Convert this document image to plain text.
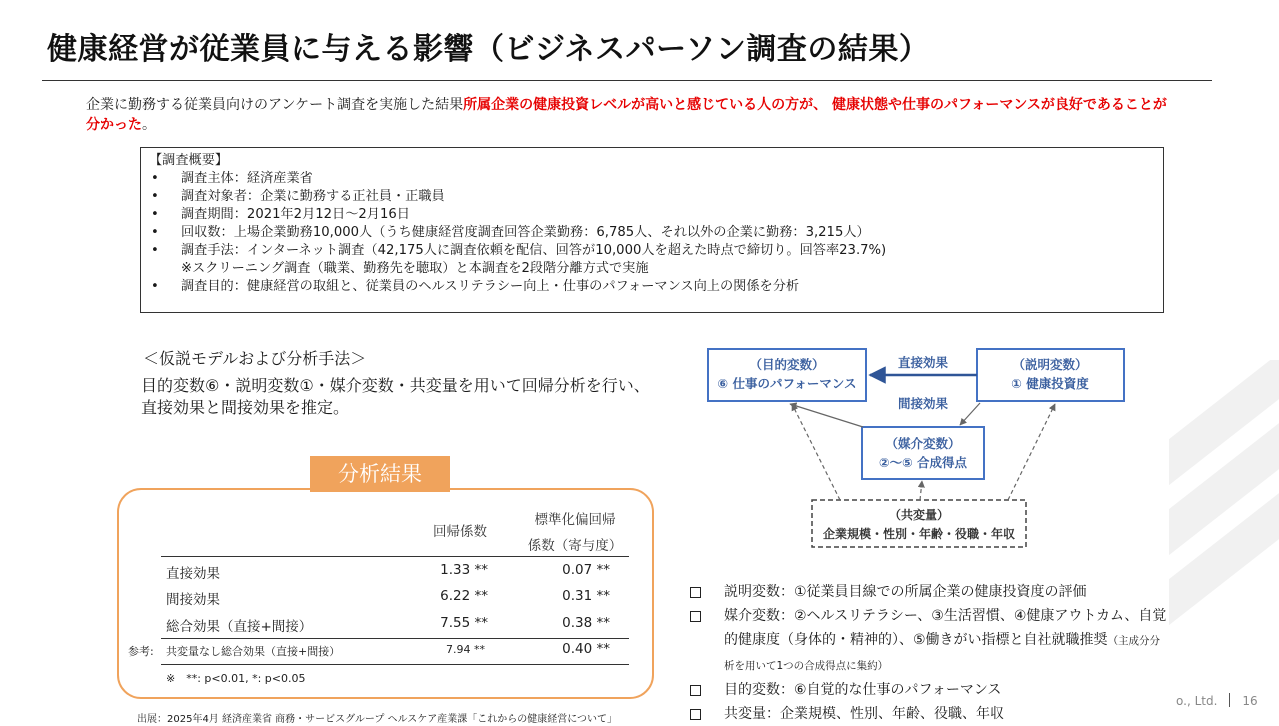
健康経営が従業員に与える影響（ビジネスパーソン調査の結果）
企業に勤務する従業員向けのアンケート調査を実施した結果所属企業の健康投資レベルが高いと感じている人の方が、 健康状態や仕事のパフォーマンスが良好であることが分かった。
【調査概要】
• 調査主体：経済産業省
• 調査対象者：企業に勤務する正社員・正職員
• 調査期間：2021年2月12日～2月16日
• 回収数：上場企業勤務10,000人（うち健康経営度調査回答企業勤務：6,785人、それ以外の企業に勤務：3,215人）
• 調査手法：インターネット調査（42,175人に調査依頼を配信、回答が10,000人を超えた時点で締切り。回答率23.7%)
※スクリーニング調査（職業、勤務先を聴取）と本調査を2段階分離方式で実施
• 調査目的：健康経営の取組と、従業員のヘルスリテラシー向上・仕事のパフォーマンス向上の関係を分析
＜仮説モデルおよび分析手法＞
目的変数⑥・説明変数①・媒介変数・共変量を用いて回帰分析を行い、直接効果と間接効果を推定。
分析結果
回帰係数
標準化偏回帰
係数（寄与度）
直接効果	1.33 **	0.07 **
間接効果	6.22 **	0.31 **
総合効果（直接+間接）	7.55 **	0.38 **
参考: 共変量なし総合効果（直接+間接）	7.94 **	0.40 **
※　**: p<0.01, *: p<0.05
（目的変数）
⑥ 仕事のパフォーマンス
（説明変数）
① 健康投資度
直接効果
間接効果
（媒介変数）
②～⑤ 合成得点
（共変量）
企業規模・性別・年齢・役職・年収
説明変数：①従業員目線での所属企業の健康投資度の評価
媒介変数：②ヘルスリテラシー、③生活習慣、④健康アウトカム、自覚的健康度（身体的・精神的）、⑤働きがい指標と自社就職推奨（主成分分析を用いて1つの合成得点に集約）
目的変数：⑥自覚的な仕事のパフォーマンス
共変量：企業規模、性別、年齢、役職、年収
出展：2025年4月 経済産業省 商務・サービスグループ ヘルスケア産業課「これからの健康経営について」
o., Ltd. 16
